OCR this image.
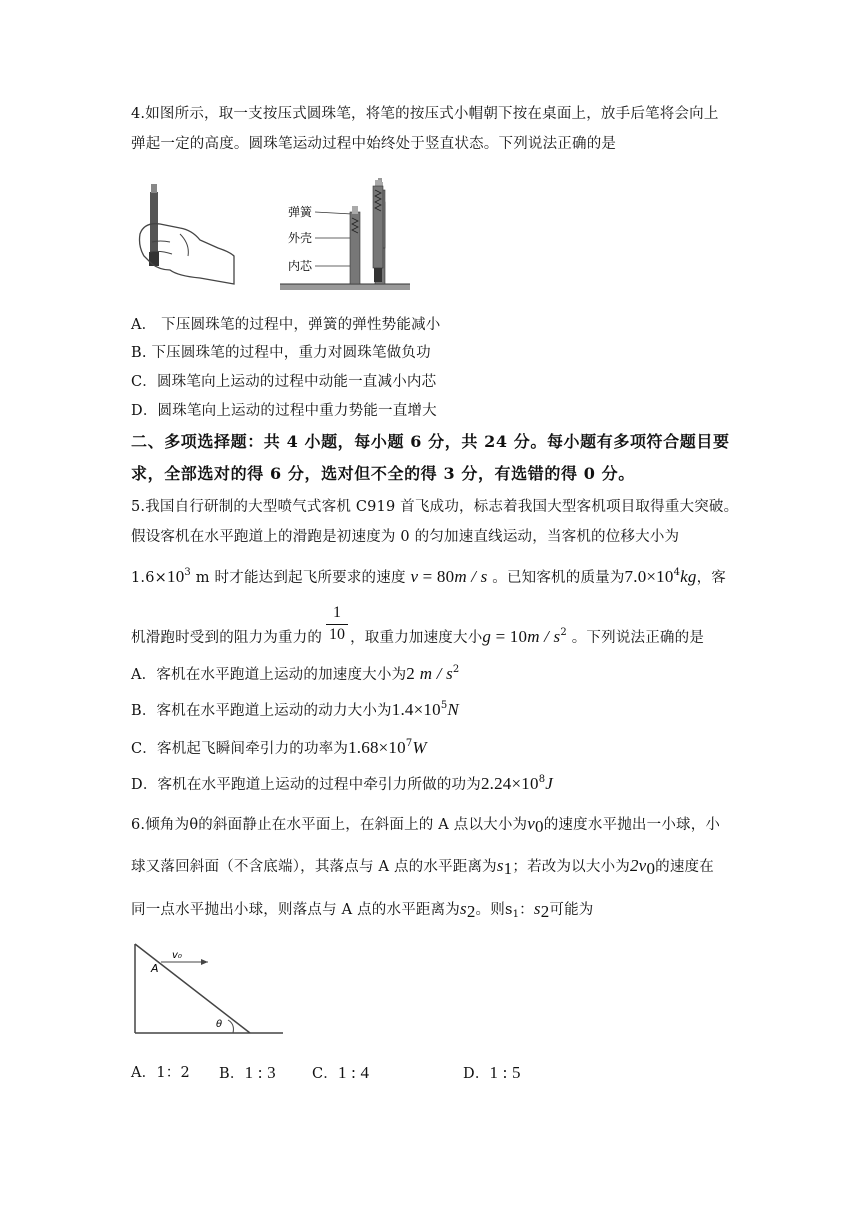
4.如图所示，取一支按压式圆珠笔，将笔的按压式小帽朝下按在桌面上，放手后笔将会向上
弹起一定的高度。圆珠笔运动过程中始终处于竖直状态。下列说法正确的是
弹簧
外壳
内芯
A． 下压圆珠笔的过程中，弹簧的弹性势能减小
B. 下压圆珠笔的过程中，重力对圆珠笔做负功
C．圆珠笔向上运动的过程中动能一直减小内芯
D．圆珠笔向上运动的过程中重力势能一直增大
二、多项选择题：共 4 小题，每小题 6 分，共 24 分。每小题有多项符合题目要
求，全部选对的得 6 分，选对但不全的得 3 分，有选错的得 0 分。
5.我国自行研制的大型喷气式客机 C919 首飞成功，标志着我国大型客机项目取得重大突破。
假设客机在水平跑道上的滑跑是初速度为 0 的匀加速直线运动，当客机的位移大小为
$1.6\times 10^3$ m 时才能达到起飞所要求的速度 v = 80m / s 。已知客机的质量为$7.0\times 10^4kg$，客
机滑跑时受到的阻力为重力的 ，取重力加速度大小$g = 10m / s^2$ 。下列说法正确的是
1
10
A．客机在水平跑道上运动的加速度大小为2 m / $s^2$
B．客机在水平跑道上运动的动力大小为$1.4\times 10^5N$
C．客机起飞瞬间牵引力的功率为$1.68\times 10^7W$
D．客机在水平跑道上运动的过程中牵引力所做的功为$2.24\times 10^8J$
6.倾角为θ的斜面静止在水平面上，在斜面上的 A 点以大小为$v_0$的速度水平抛出一小球，小
球又落回斜面（不含底端），其落点与 A 点的水平距离为$s_1$；若改为以大小为$2v_0$的速度在
同一点水平抛出小球，则落点与 A 点的水平距离为$s_2$。则$s_1$：$s_2$可能为
v₀
A
θ
A．1：2 B．1 : 3 C．1 : 4	D．1 : 5
